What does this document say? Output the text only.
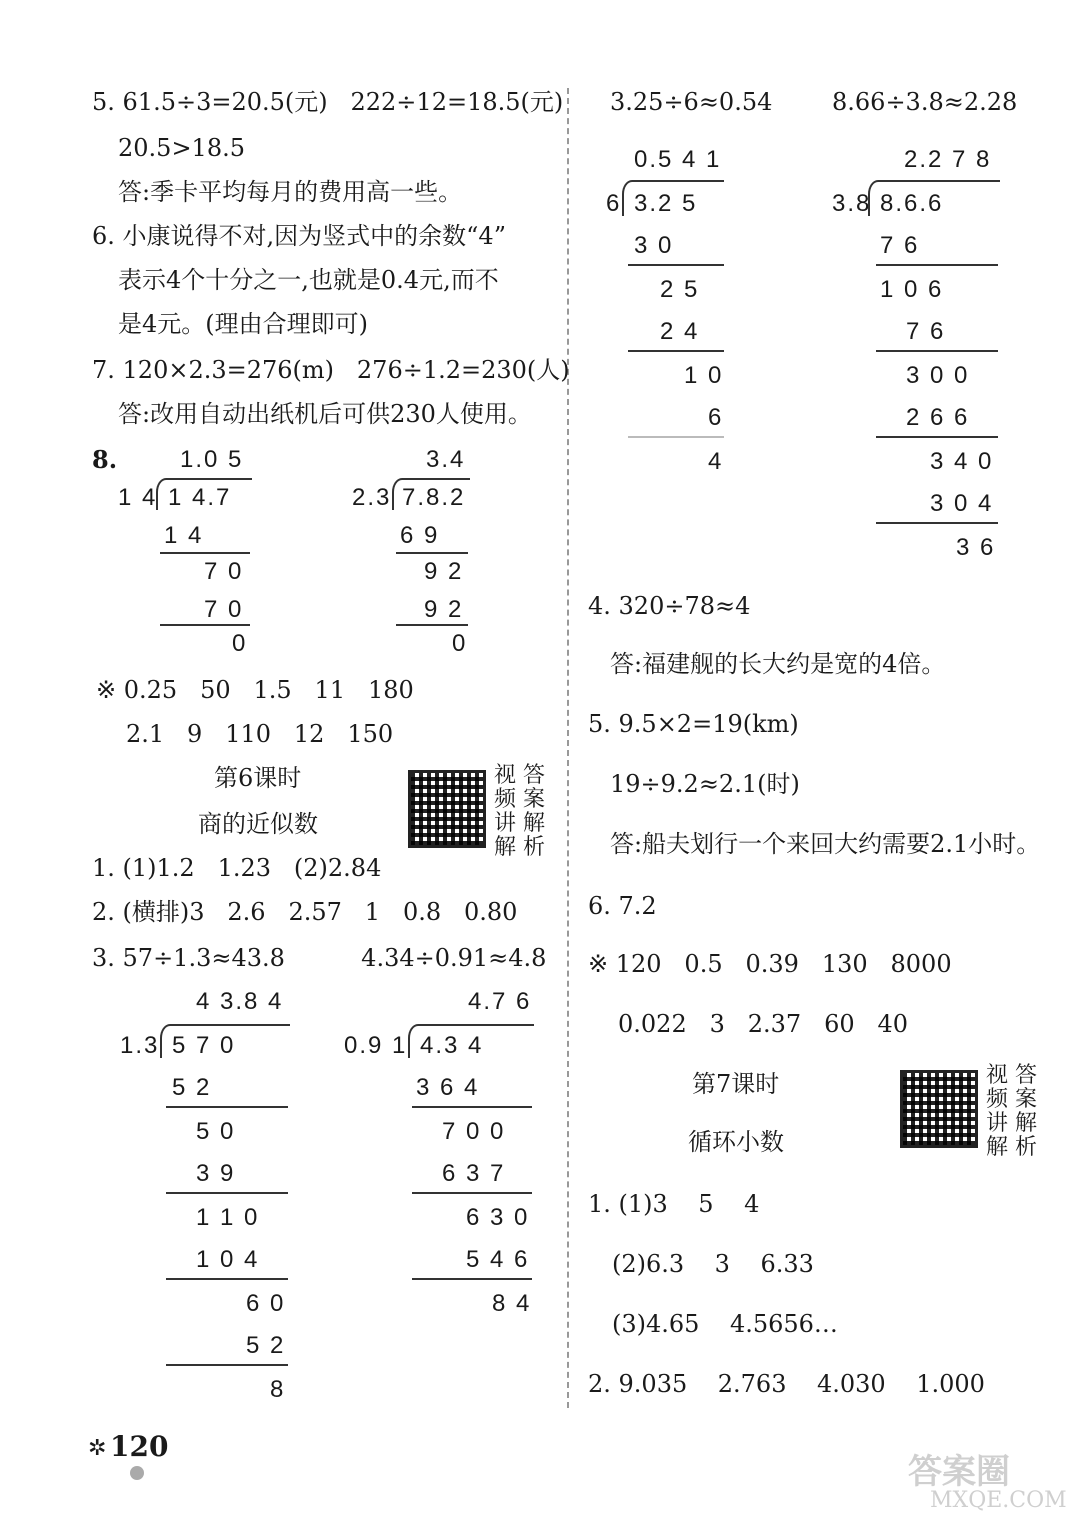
5. 61.5÷3=20.5(元)   222÷12=18.5(元)
20.5>18.5
答:季卡平均每月的费用高一些。
6. 小康说得不对,因为竖式中的余数“4”
表示4个十分之一,也就是0.4元,而不
是4元。(理由合理即可)
7. 120×2.3=276(m)   276÷1.2=230(人)
答:改用自动出纸机后可供230人使用。
8.	1.0 5
1 4 1 4.7
1 4
7 0
7 0
0
3.4
2.3 7.8.2
6 9
9 2
9 2
0
※ 0.25   50   1.5   11   180
2.1   9   110   12   150
第6课时
商的近似数
视 答
频 案
讲 解
解 析
1. (1)1.2   1.23   (2)2.84
2. (横排)3   2.6   2.57   1   0.8   0.80
3. 57÷1.3≈43.8          4.34÷0.91≈4.8
4 3.8 4
1.3 5 7 0
5 2
5 0
3 9
1 1 0
1 0 4
6 0
5 2
8
4.7 6
0.9 1 4.3 4
3 6 4
7 0 0
6 3 7
6 3 0
5 4 6
8 4
3.25÷6≈0.54 8.66÷3.8≈2.28
0.5 4 1
6 3.2 5
3 0
2 5
2 4
1 0
6
4
2.2 7 8
3.8 8.6.6
7 6
1 0 6
7 6
3 0 0
2 6 6
3 4 0
3 0 4
3 6
4. 320÷78≈4
答:福建舰的长大约是宽的4倍。
5. 9.5×2=19(km)
19÷9.2≈2.1(时)
答:船夫划行一个来回大约需要2.1小时。
6. 7.2
※ 120   0.5   0.39   130   8000
0.022   3   2.37   60   40
第7课时
循环小数
视 答
频 案
讲 解
解 析
1. (1)3    5    4
(2)6.3    3    6.33
(3)4.65    4.5656…
2. 9.035    2.763    4.030    1.000
✲ 120
答案圈
MXQE.COM
